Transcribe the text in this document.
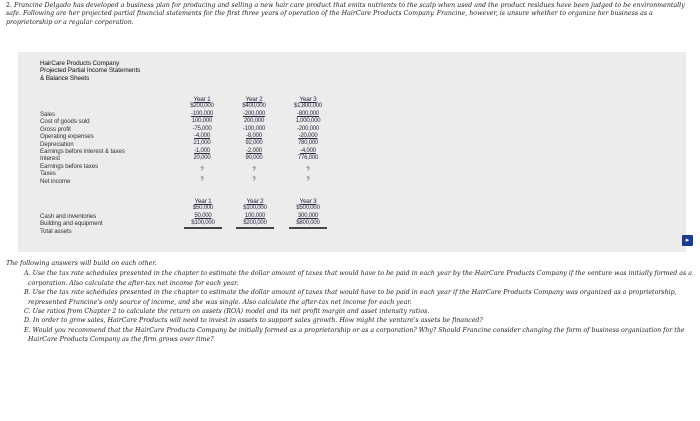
2. Francine Delgado has developed a business plan for producing and selling a new hair care product that emits nutrients to the scalp when used and the product residues have been judged to be environmentally safe. Following are her projected partial financial statements for the first three years of operation of the HairCare Products Company. Francine, however, is unsure whether to organize her business as a proprietorship or a regular corporation.
HairCare Products Company
Projected Partial Income Statements
& Balance Sheets
Sales
Cost of goods sold
Gross profit
Operating expenses
Depreciation
Earnings before interest & taxes
Interest
Earnings before taxes
Taxes
Net income
Year 1
$200,000
-100,000
100,000
-75,000
-4,000
21,000
-1,000
20,000
?
?
Year 2
$400,000
-200,000
200,000
-100,000
-8,000
92,000
-2,000
90,000
?
?
Year 3
$1,800,000
-800,000
1,000,000
-200,000
-20,000
780,000
-4,000
776,000
?
?
Cash and inventories
Building and equipment
Total assets
Year 1
$50,000
50,000
$100,000
Year 2
$100,000
100,000
$200,000
Year 3
$500,000
300,000
$800,000
▸
The following answers will build on each other.
A. Use the tax rate schedules presented in the chapter to estimate the dollar amount of taxes that would have to be paid in each year by the HairCare Products Company if the venture was initially formed as a corporation. Also calculate the after-tax net income for each year.
B. Use the tax rate schedules presented in the chapter to estimate the dollar amount of taxes that would have to be paid in each year if the HairCare Products Company was organized as a proprietorship, represented Francine's only source of income, and she was single. Also calculate the after-tax net income for each year.
C. Use ratios from Chapter 2 to calculate the return on assets (ROA) model and its net profit margin and asset intensity ratios.
D. In order to grow sales, HairCare Products will need to invest in assets to support sales growth. How might the venture's assets be financed?
E. Would you recommend that the HairCare Products Company be initially formed as a proprietorship or as a corporation? Why? Should Francine consider changing the form of business organization for the HairCare Products Company as the firm grows over time?
